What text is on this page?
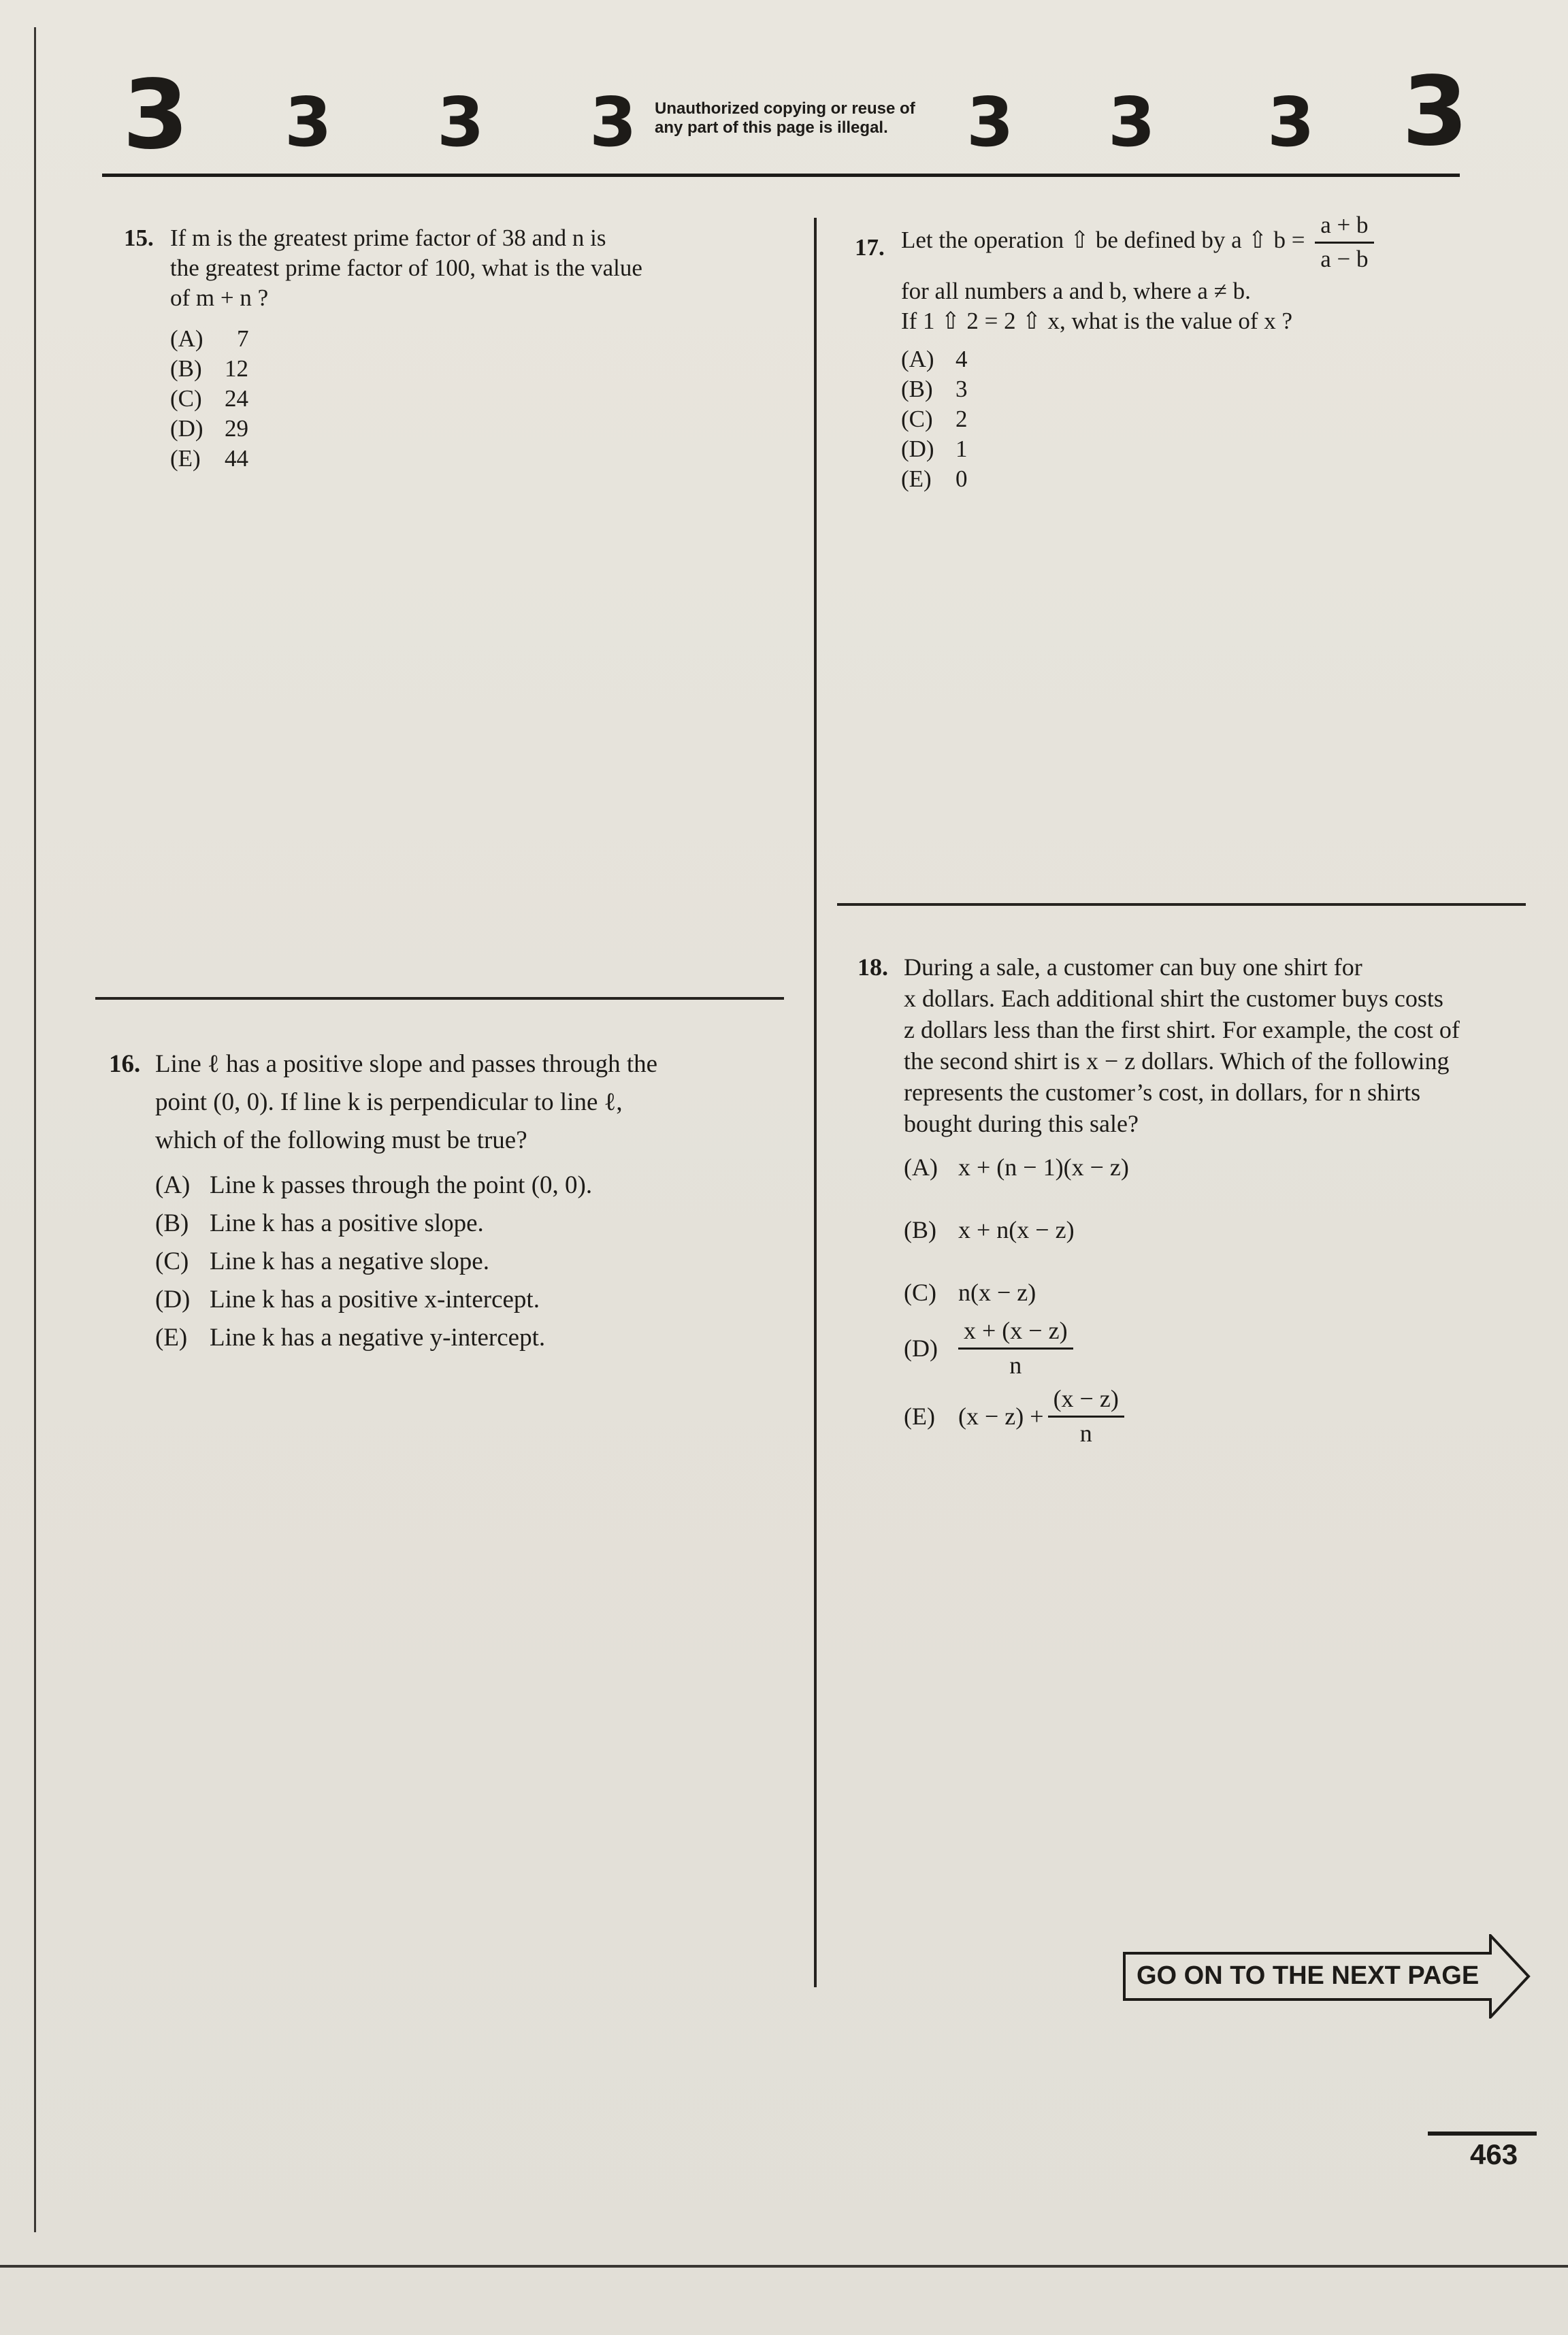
3 3 3 3 Unauthorized copying or reuse of
any part of this page is illegal.	3 3 3 3
15. If m is the greatest prime factor of 38 and n is

the greatest prime factor of 100, what is the value

of m + n ?

(A)	7
(B) 12
(C) 24
(D) 29
(E)	44
16. Line ℓ has a positive slope and passes through the

point (0, 0). If line k is perpendicular to line ℓ,

which of the following must be true?

(A) Line k passes through the point (0, 0).
(B) Line k has a positive slope.
(C) Line k has a negative slope.
(D) Line k has a positive x-intercept.
(E) Line k has a negative y-intercept.
17. Let the operation ⇧ be defined by a ⇧ $b = \frac{a + b}{a - b}$

for all numbers a and b, where a ≠ b.

If 1 ⇧ 2 = 2 ⇧ x, what is the value of x ?

(A) 4
(B) 3
(C) 2
(D) 1
(E)	0
18. During a sale, a customer can buy one shirt for

x dollars. Each additional shirt the customer buys costs

z dollars less than the first shirt. For example, the cost of

the second shirt is x − z dollars. Which of the following

represents the customer’s cost, in dollars, for n shirts

bought during this sale?

(A) x + (n − 1)(x − z)
(B) x + n(x − z)
(C) n(x − z)
$(D) \frac{x + (x - z)}{n}$
(E) $(x - z) + \frac{(x - z)}{n}$
GO ON TO THE NEXT PAGE
463
